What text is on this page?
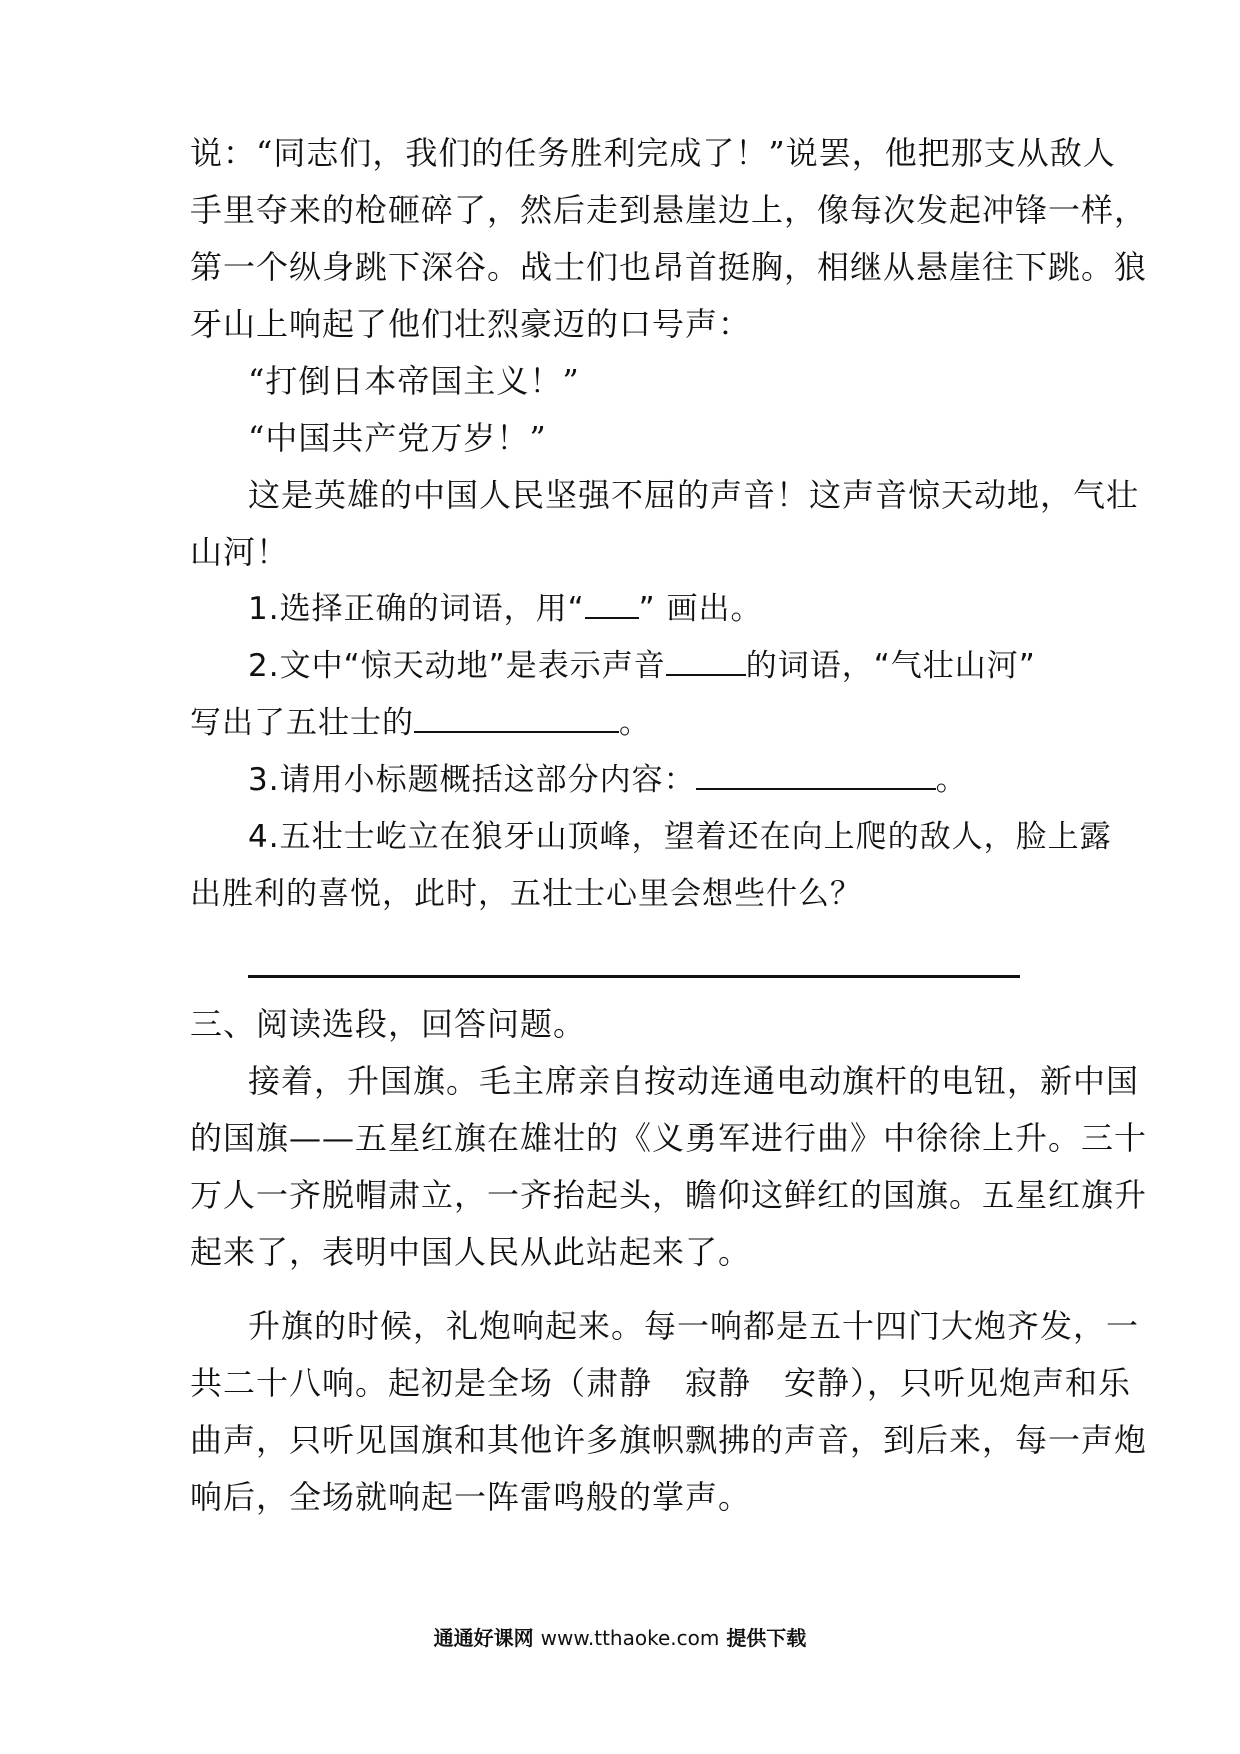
说：“同志们，我们的任务胜利完成了！”说罢，他把那支从敌人
手里夺来的枪砸碎了，然后走到悬崖边上，像每次发起冲锋一样，
第一个纵身跳下深谷。战士们也昂首挺胸，相继从悬崖往下跳。狼
牙山上响起了他们壮烈豪迈的口号声：
“打倒日本帝国主义！”
“中国共产党万岁！”
这是英雄的中国人民坚强不屈的声音！这声音惊天动地，气壮
山河！
1.选择正确的词语，用“ ” 画出。
2.文中“惊天动地”是表示声音	的词语，“气壮山河”
写出了五壮士的	。
3.请用小标题概括这部分内容：	。
4.五壮士屹立在狼牙山顶峰，望着还在向上爬的敌人，脸上露
出胜利的喜悦，此时，五壮士心里会想些什么？
三、阅读选段，回答问题。
接着，升国旗。毛主席亲自按动连通电动旗杆的电钮，新中国
的国旗——五星红旗在雄壮的《义勇军进行曲》中徐徐上升。三十
万人一齐脱帽肃立，一齐抬起头，瞻仰这鲜红的国旗。五星红旗升
起来了，表明中国人民从此站起来了。
升旗的时候，礼炮响起来。每一响都是五十四门大炮齐发，一
共二十八响。起初是全场（肃静　寂静　安静），只听见炮声和乐
曲声，只听见国旗和其他许多旗帜飘拂的声音，到后来，每一声炮
响后，全场就响起一阵雷鸣般的掌声。
通通好课网 www.tthaoke.com 提供下载
